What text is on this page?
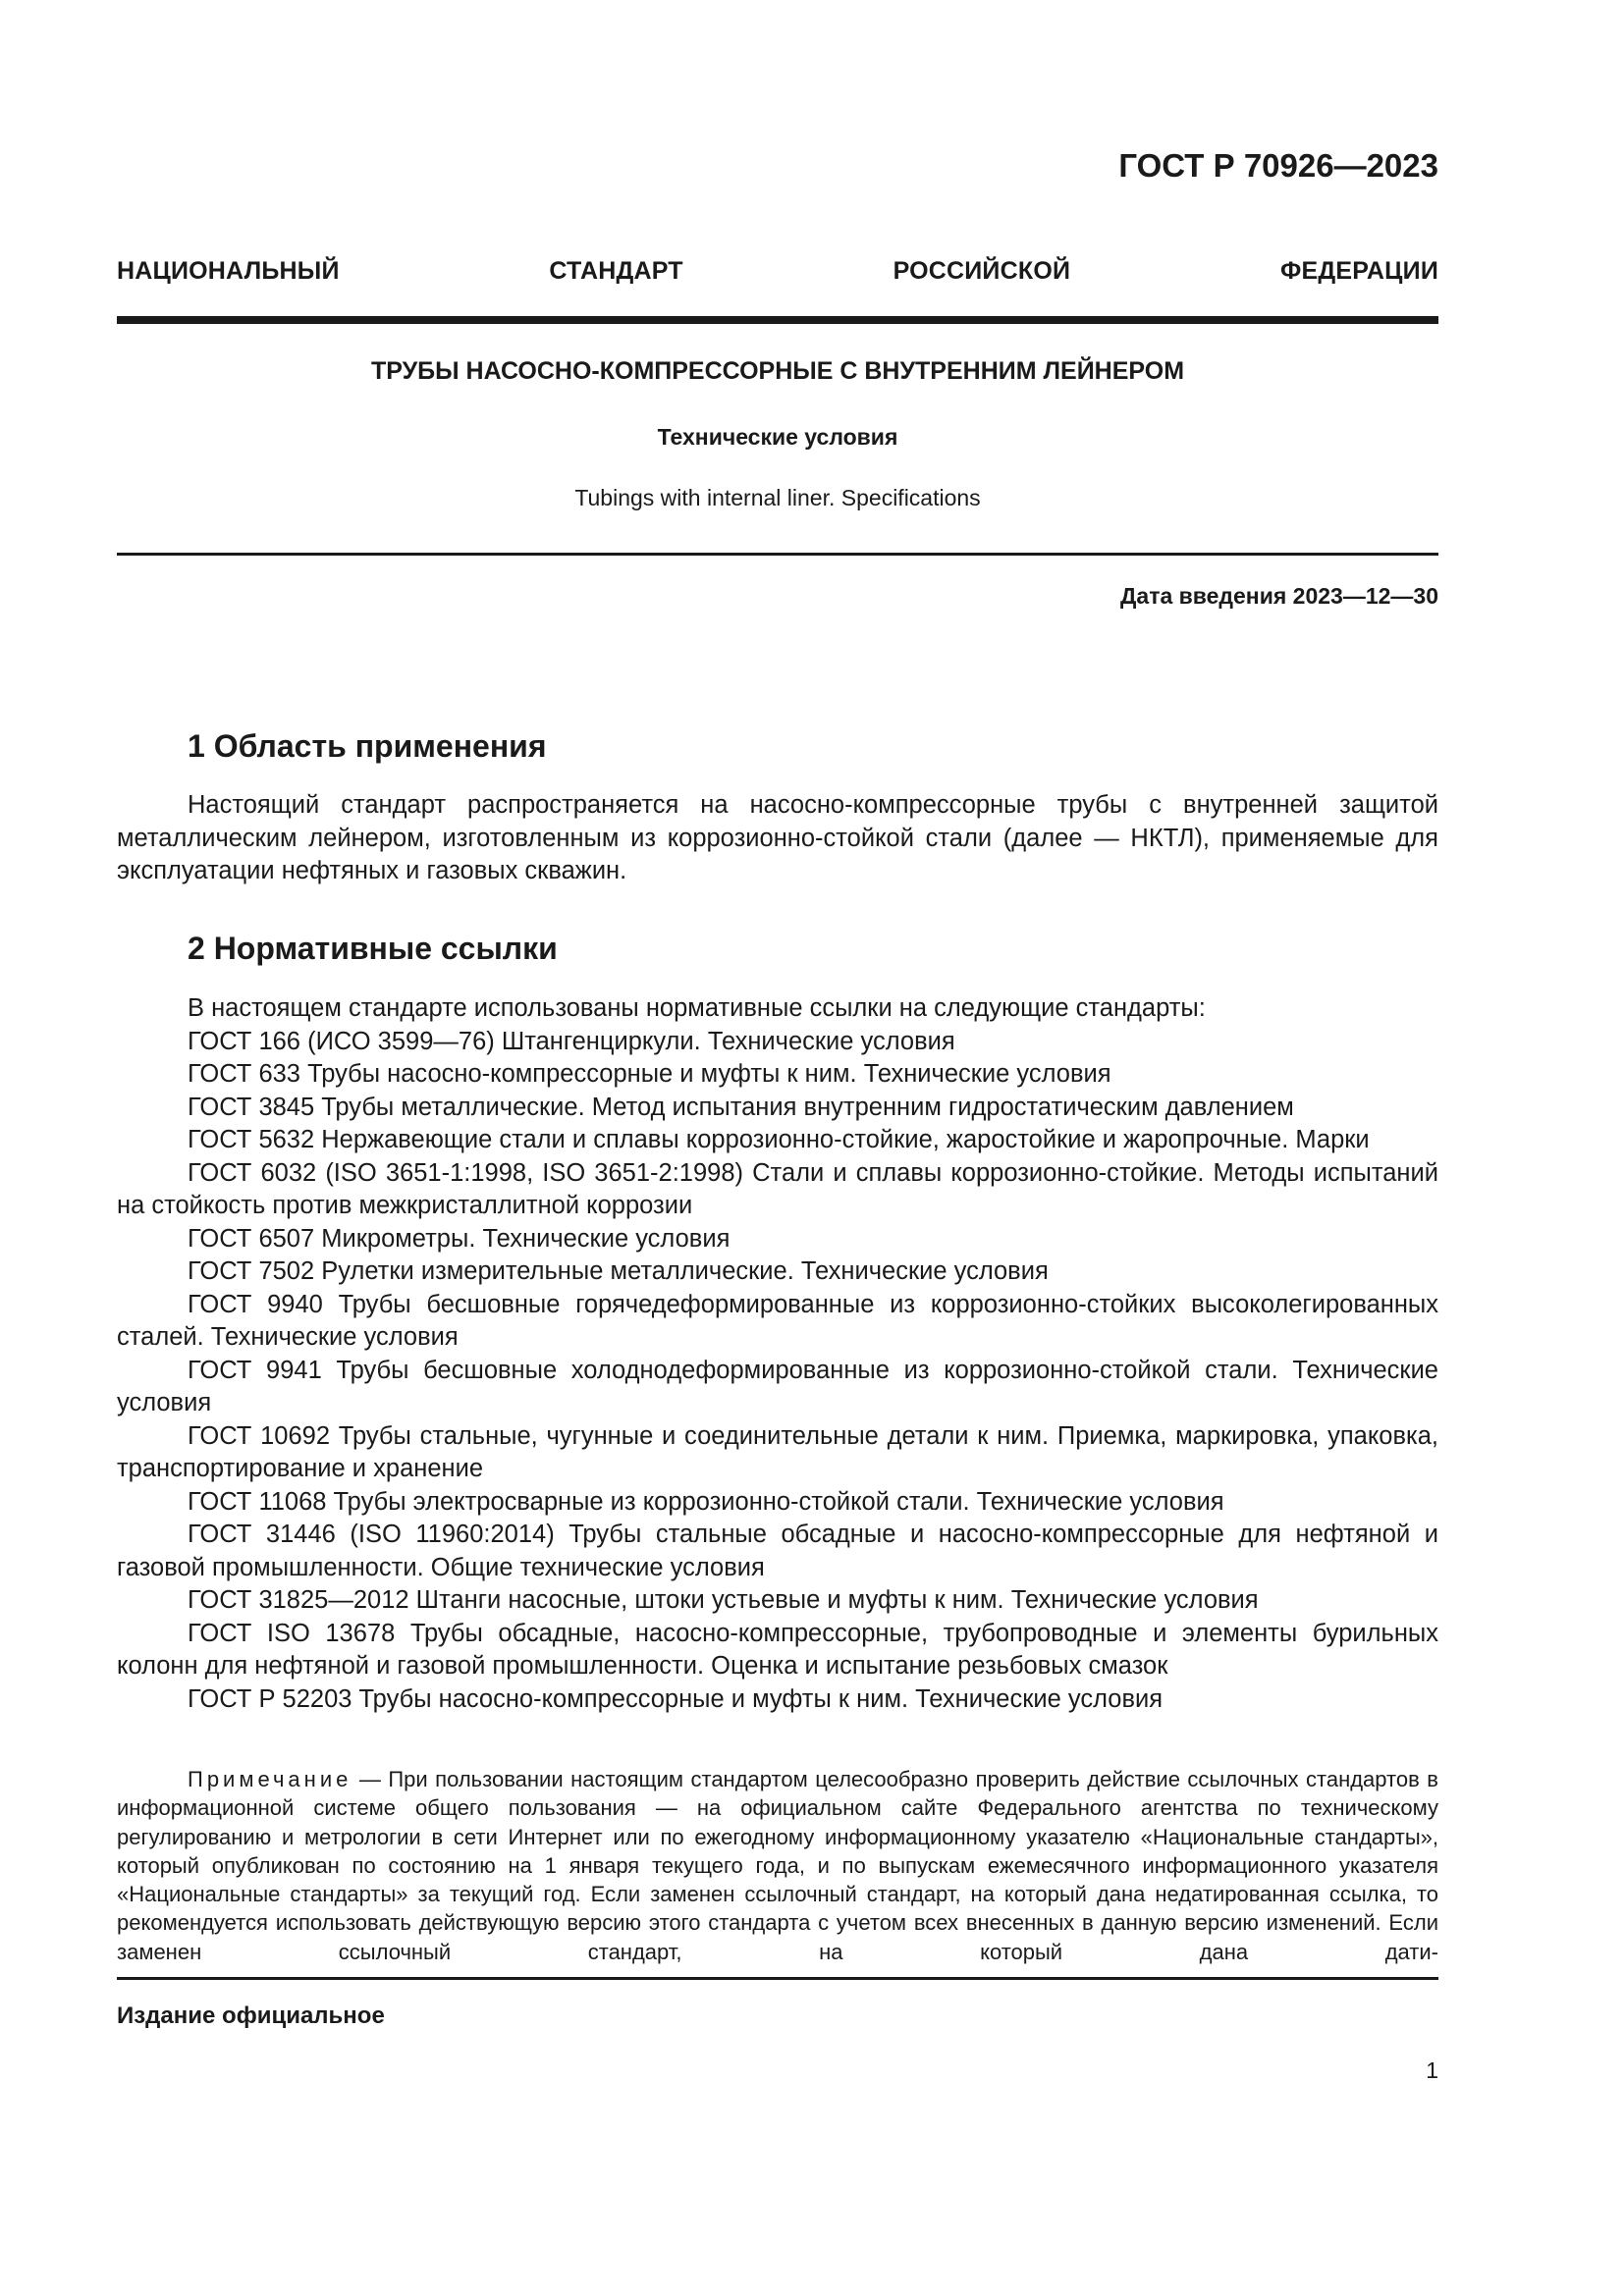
ГОСТ Р 70926—2023
НАЦИОНАЛЬНЫЙ СТАНДАРТ РОССИЙСКОЙ ФЕДЕРАЦИИ
ТРУБЫ НАСОСНО-КОМПРЕССОРНЫЕ С ВНУТРЕННИМ ЛЕЙНЕРОМ
Технические условия
Tubings with internal liner. Specifications
Дата введения 2023—12—30
1 Область применения

Настоящий стандарт распространяется на насосно-компрессорные трубы с внутренней защитой металлическим лейнером, изготовленным из коррозионно-стойкой стали (далее — НКТЛ), применяемые для эксплуатации нефтяных и газовых скважин.

2 Нормативные ссылки

В настоящем стандарте использованы нормативные ссылки на следующие стандарты:

ГОСТ 166 (ИСО 3599—76) Штангенциркули. Технические условия

ГОСТ 633 Трубы насосно-компрессорные и муфты к ним. Технические условия

ГОСТ 3845 Трубы металлические. Метод испытания внутренним гидростатическим давлением

ГОСТ 5632 Нержавеющие стали и сплавы коррозионно-стойкие, жаростойкие и жаропрочные. Марки

ГОСТ 6032 (ISO 3651-1:1998, ISO 3651-2:1998) Стали и сплавы коррозионно-стойкие. Методы испытаний на стойкость против межкристаллитной коррозии

ГОСТ 6507 Микрометры. Технические условия

ГОСТ 7502 Рулетки измерительные металлические. Технические условия

ГОСТ 9940 Трубы бесшовные горячедеформированные из коррозионно-стойких высоколегированных сталей. Технические условия

ГОСТ 9941 Трубы бесшовные холоднодеформированные из коррозионно-стойкой стали. Технические условия

ГОСТ 10692 Трубы стальные, чугунные и соединительные детали к ним. Приемка, маркировка, упаковка, транспортирование и хранение

ГОСТ 11068 Трубы электросварные из коррозионно-стойкой стали. Технические условия

ГОСТ 31446 (ISO 11960:2014) Трубы стальные обсадные и насосно-компрессорные для нефтяной и газовой промышленности. Общие технические условия

ГОСТ 31825—2012 Штанги насосные, штоки устьевые и муфты к ним. Технические условия

ГОСТ ISO 13678 Трубы обсадные, насосно-компрессорные, трубопроводные и элементы бурильных колонн для нефтяной и газовой промышленности. Оценка и испытание резьбовых смазок

ГОСТ Р 52203 Трубы насосно-компрессорные и муфты к ним. Технические условия

Примечание — При пользовании настоящим стандартом целесообразно проверить действие ссылочных стандартов в информационной системе общего пользования — на официальном сайте Федерального агентства по техническому регулированию и метрологии в сети Интернет или по ежегодному информационному указателю «Национальные стандарты», который опубликован по состоянию на 1 января текущего года, и по выпускам ежемесячного информационного указателя «Национальные стандарты» за текущий год. Если заменен ссылочный стандарт, на который дана недатированная ссылка, то рекомендуется использовать действующую версию этого стандарта с учетом всех внесенных в данную версию изменений. Если заменен ссылочный стандарт, на который дана дати-

Издание официальное
1
